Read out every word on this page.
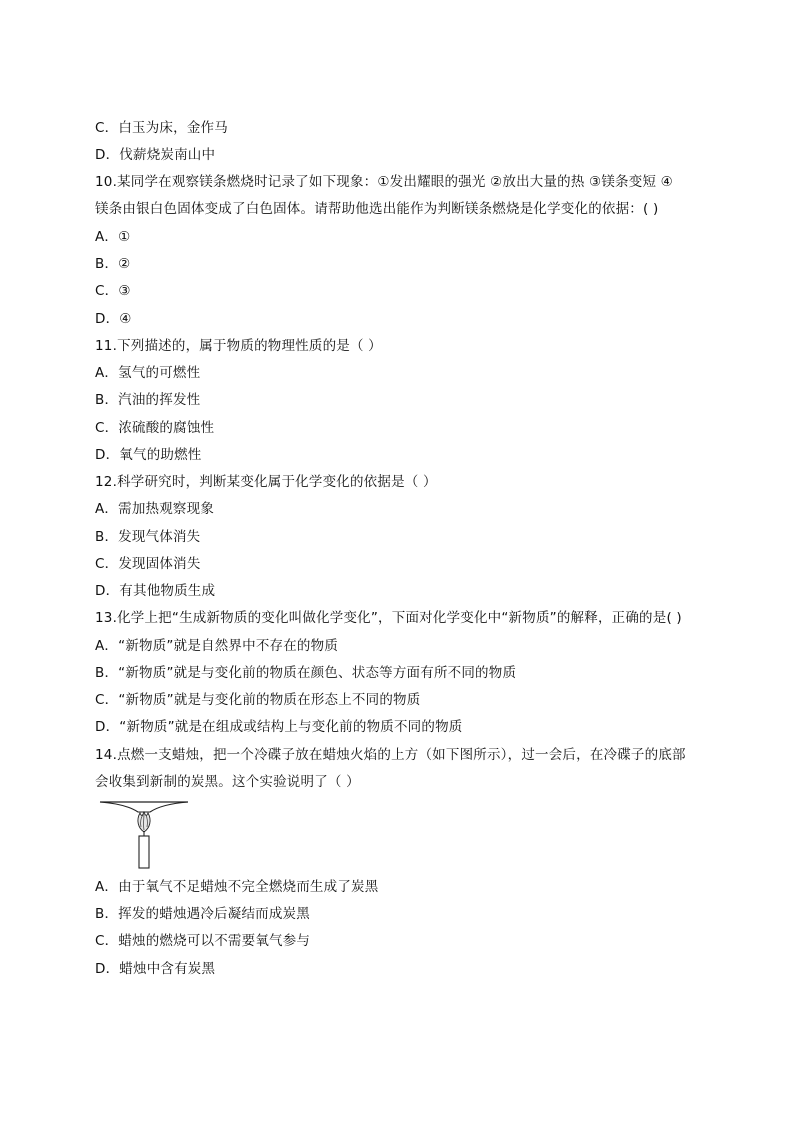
C．白玉为床，金作马
D．伐薪烧炭南山中
10.某同学在观察镁条燃烧时记录了如下现象：①发出耀眼的强光 ②放出大量的热 ③镁条变短 ④
镁条由银白色固体变成了白色固体。请帮助他选出能作为判断镁条燃烧是化学变化的依据：( )
A．①
B．②
C．③
D．④
11.下列描述的，属于物质的物理性质的是（ ）
A．氢气的可燃性
B．汽油的挥发性
C．浓硫酸的腐蚀性
D．氧气的助燃性
12.科学研究时，判断某变化属于化学变化的依据是（ ）
A．需加热观察现象
B．发现气体消失
C．发现固体消失
D．有其他物质生成
13.化学上把“生成新物质的变化叫做化学变化”，下面对化学变化中“新物质”的解释，正确的是( )
A．“新物质”就是自然界中不存在的物质
B．“新物质”就是与变化前的物质在颜色、状态等方面有所不同的物质
C．“新物质”就是与变化前的物质在形态上不同的物质
D．“新物质”就是在组成或结构上与变化前的物质不同的物质
14.点燃一支蜡烛，把一个冷碟子放在蜡烛火焰的上方（如下图所示），过一会后，在冷碟子的底部
会收集到新制的炭黑。这个实验说明了（ ）
A．由于氧气不足蜡烛不完全燃烧而生成了炭黑
B．挥发的蜡烛遇冷后凝结而成炭黑
C．蜡烛的燃烧可以不需要氧气参与
D．蜡烛中含有炭黑
